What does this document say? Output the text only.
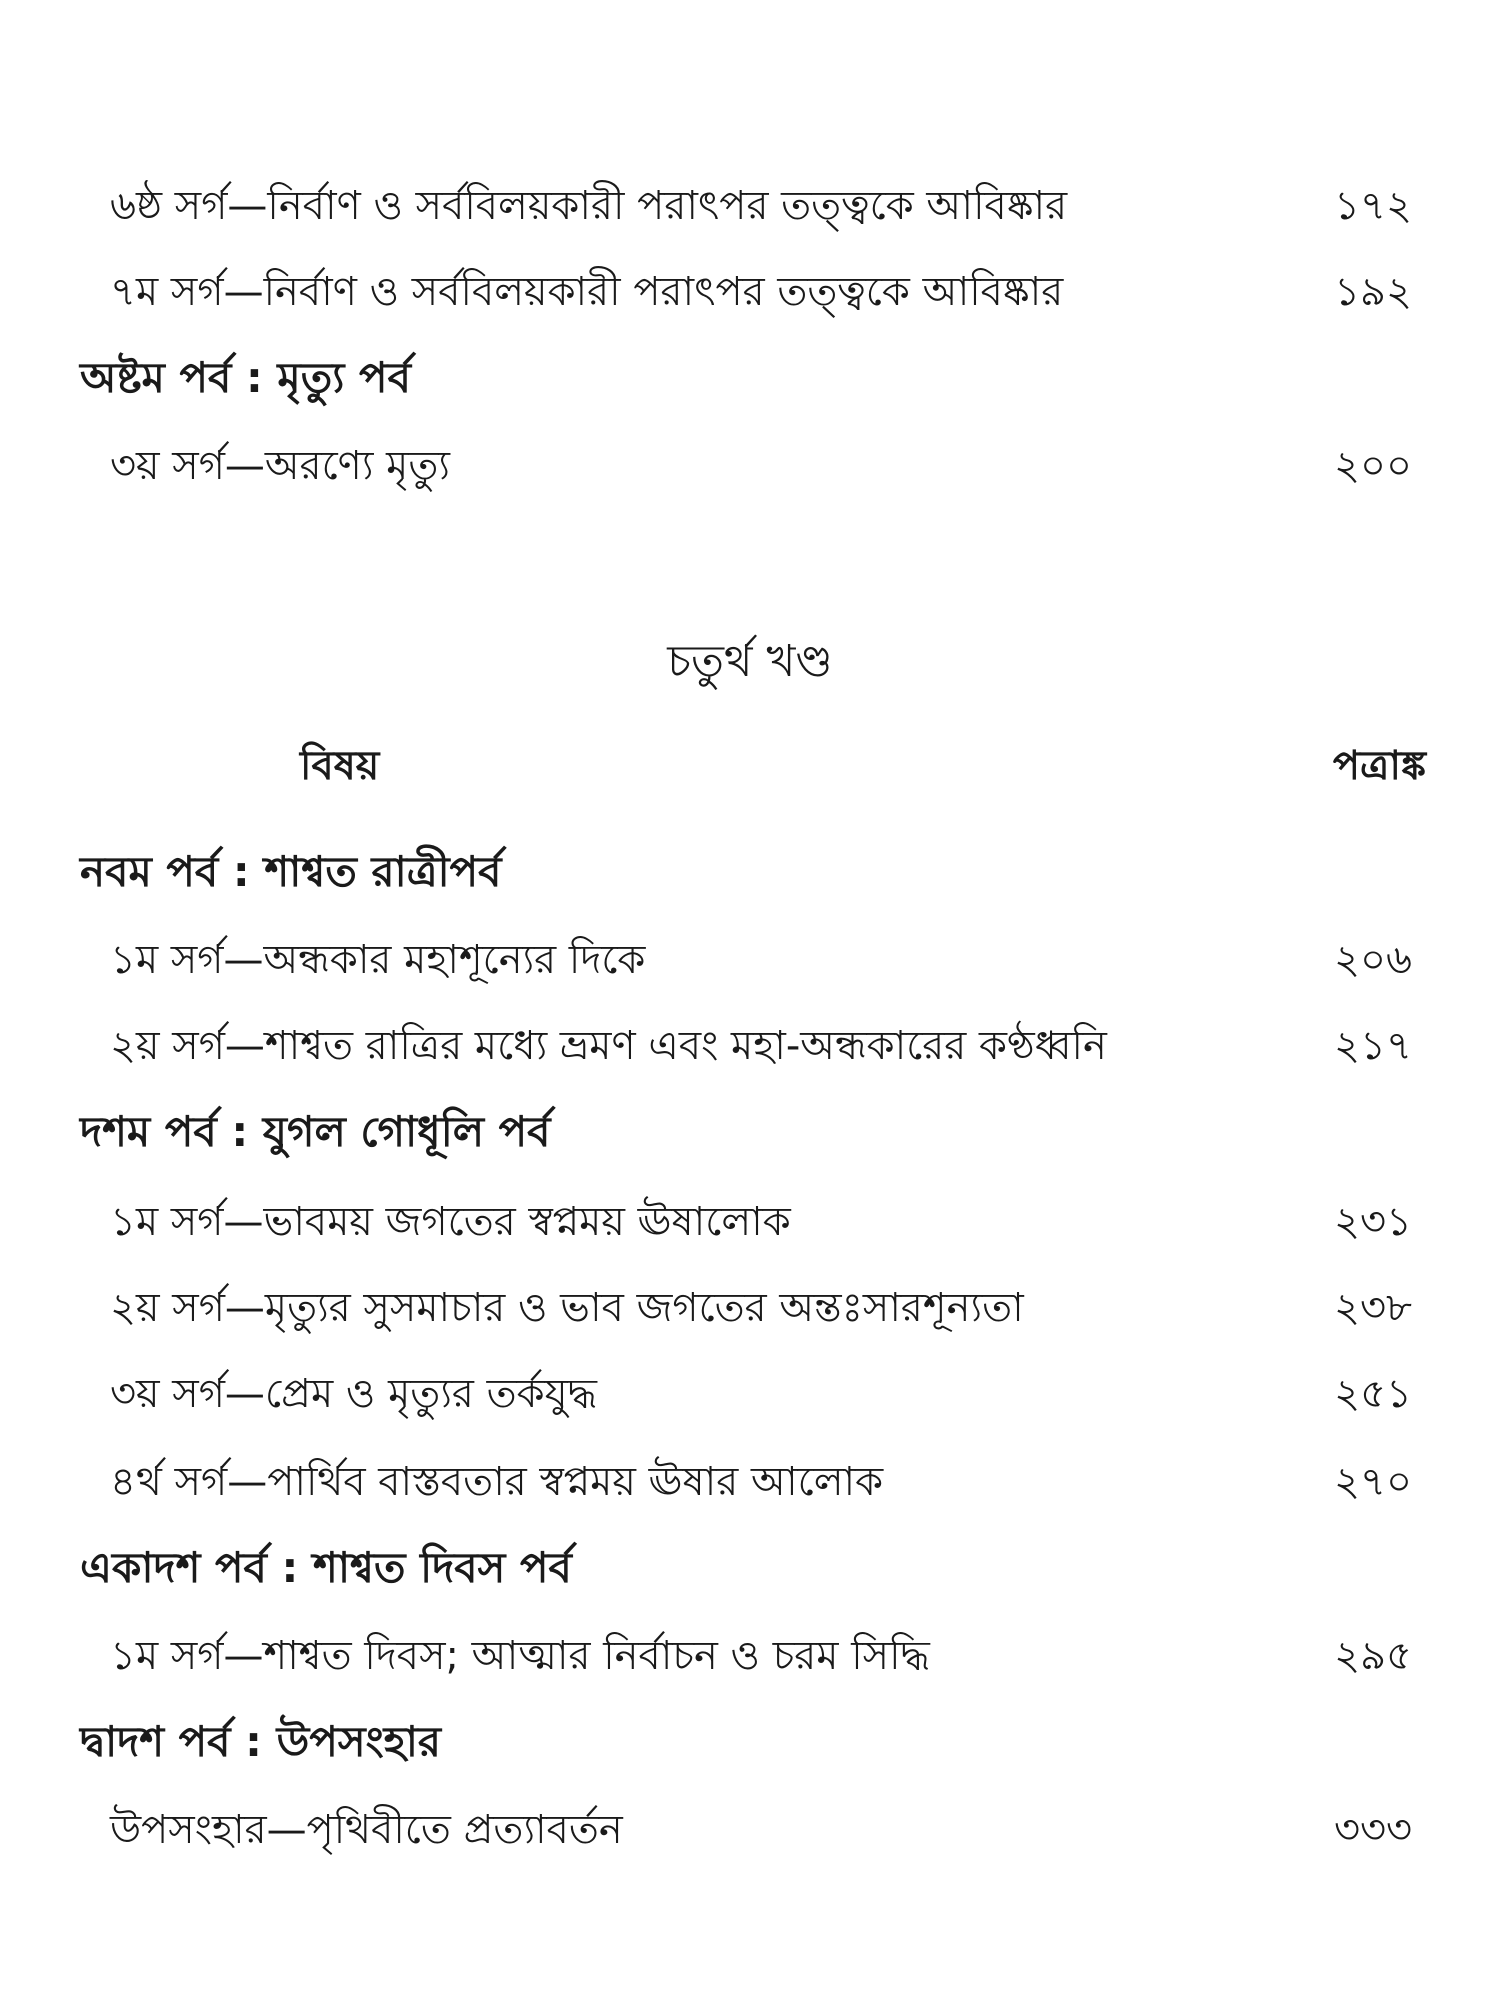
৬ষ্ঠ সর্গ—নির্বাণ ও সর্ববিলয়কারী পরাৎপর তত্ত্বকে আবিষ্কার	১৭২
৭ম সর্গ—নির্বাণ ও সর্ববিলয়কারী পরাৎপর তত্ত্বকে আবিষ্কার	১৯২
অষ্টম পর্ব : মৃত্যু পর্ব
৩য় সর্গ—অরণ্যে মৃত্যু	২০০
চতুর্থ খণ্ড
বিষয়	পত্রাঙ্ক
নবম পর্ব : শাশ্বত রাত্রীপর্ব
১ম সর্গ—অন্ধকার মহাশূন্যের দিকে	২০৬
২য় সর্গ—শাশ্বত রাত্রির মধ্যে ভ্রমণ এবং মহা-অন্ধকারের কণ্ঠধ্বনি	২১৭
দশম পর্ব : যুগল গোধূলি পর্ব
১ম সর্গ—ভাবময় জগতের স্বপ্নময় ঊষালোক	২৩১
২য় সর্গ—মৃত্যুর সুসমাচার ও ভাব জগতের অন্তঃসারশূন্যতা	২৩৮
৩য় সর্গ—প্রেম ও মৃত্যুর তর্কযুদ্ধ	২৫১
৪র্থ সর্গ—পার্থিব বাস্তবতার স্বপ্নময় ঊষার আলোক	২৭০
একাদশ পর্ব : শাশ্বত দিবস পর্ব
১ম সর্গ—শাশ্বত দিবস; আত্মার নির্বাচন ও চরম সিদ্ধি	২৯৫
দ্বাদশ পর্ব : উপসংহার
উপসংহার—পৃথিবীতে প্রত্যাবর্তন	৩৩৩
